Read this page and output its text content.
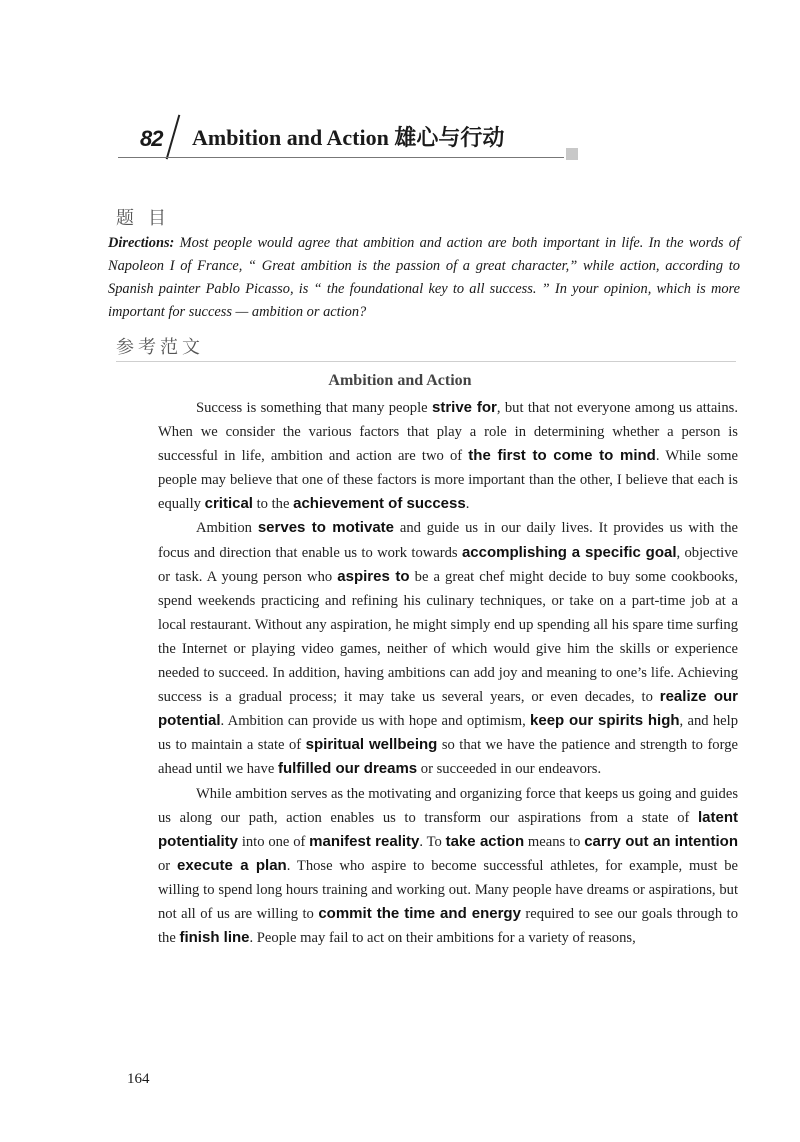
82 Ambition and Action 雄心与行动
题目
Directions: Most people would agree that ambition and action are both important in life. In the words of Napoleon I of France, “ Great ambition is the passion of a great character,” while action, according to Spanish painter Pablo Picasso, is “ the foundational key to all success. ” In your opinion, which is more important for success — ambition or action?
参考范文
Ambition and Action

Success is something that many people strive for, but that not everyone among us attains. When we consider the various factors that play a role in determining whether a person is successful in life, ambition and action are two of the first to come to mind. While some people may believe that one of these factors is more important than the other, I believe that each is equally critical to the achievement of success.

Ambition serves to motivate and guide us in our daily lives. It provides us with the focus and direction that enable us to work towards accomplishing a specific goal, objective or task. A young person who aspires to be a great chef might decide to buy some cookbooks, spend weekends practicing and refining his culinary techniques, or take on a part-time job at a local restaurant. Without any aspiration, he might simply end up spending all his spare time surfing the Internet or playing video games, neither of which would give him the skills or experience needed to succeed. In addition, having ambitions can add joy and meaning to one’s life. Achieving success is a gradual process; it may take us several years, or even decades, to realize our potential. Ambition can provide us with hope and optimism, keep our spirits high, and help us to maintain a state of spiritual wellbeing so that we have the patience and strength to forge ahead until we have fulfilled our dreams or succeeded in our endeavors.

While ambition serves as the motivating and organizing force that keeps us going and guides us along our path, action enables us to transform our aspirations from a state of latent potentiality into one of manifest reality. To take action means to carry out an intention or execute a plan. Those who aspire to become successful athletes, for example, must be willing to spend long hours training and working out. Many people have dreams or aspirations, but not all of us are willing to commit the time and energy required to see our goals through to the finish line. People may fail to act on their ambitions for a variety of reasons,

164
